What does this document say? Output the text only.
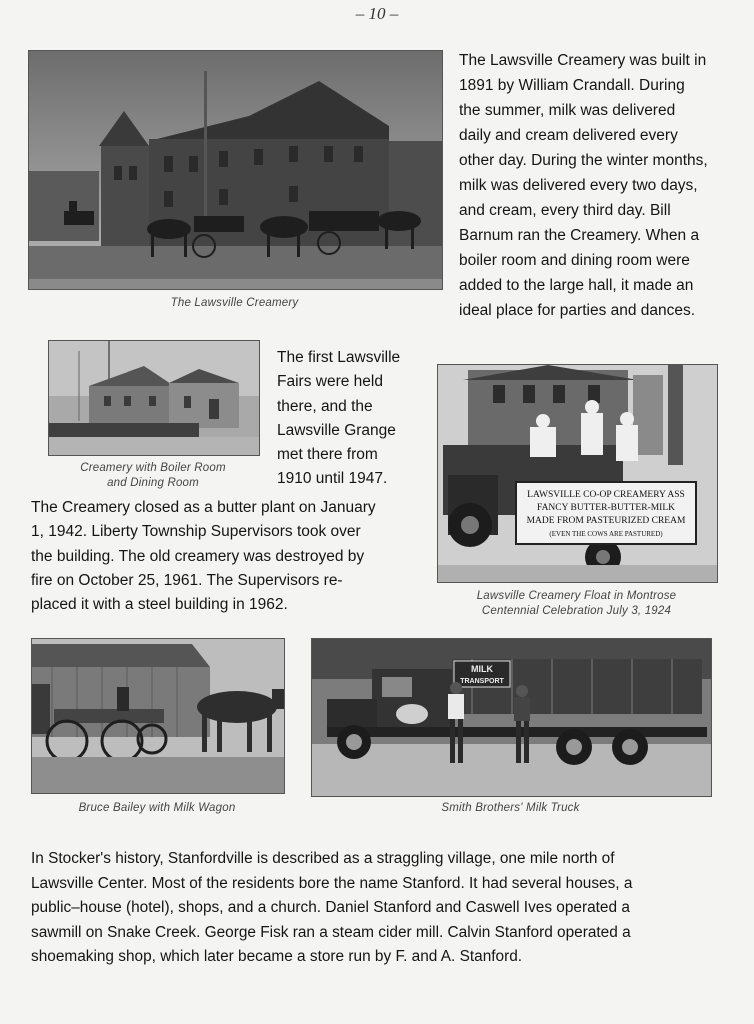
– 10 –
The Lawsville Creamery
The Lawsville Creamery was built in
1891 by William Crandall. During
the summer, milk was delivered
daily and cream delivered every
other day. During the winter months,
milk was delivered every two days,
and cream, every third day. Bill
Barnum ran the Creamery. When a
boiler room and dining room were
added to the large hall, it made an
ideal place for parties and dances.
Creamery with Boiler Room
and Dining Room
The first Lawsville
Fairs were held
there, and the
Lawsville Grange
met there from
1910 until 1947.
The Creamery closed as a butter plant on January
1, 1942. Liberty Township Supervisors took over
the building. The old creamery was destroyed by
fire on October 25, 1961. The Supervisors re-
placed it with a steel building in 1962.
LAWSVILLE CO-OP CREAMERY ASS
FANCY BUTTER-BUTTER-MILK
MADE FROM PASTEURIZED CREAM
(EVEN THE COWS ARE PASTURED)
Lawsville Creamery Float in Montrose
Centennial Celebration July 3, 1924
Bruce Bailey with Milk Wagon
MILK
TRANSPORT
Smith Brothers' Milk Truck
In Stocker's history, Stanfordville is described as a straggling village, one mile north of
Lawsville Center. Most of the residents bore the name Stanford. It had several houses, a
public–house (hotel), shops, and a church. Daniel Stanford and Caswell Ives operated a
sawmill on Snake Creek. George Fisk ran a steam cider mill. Calvin Stanford operated a
shoemaking shop, which later became a store run by F. and A. Stanford.
